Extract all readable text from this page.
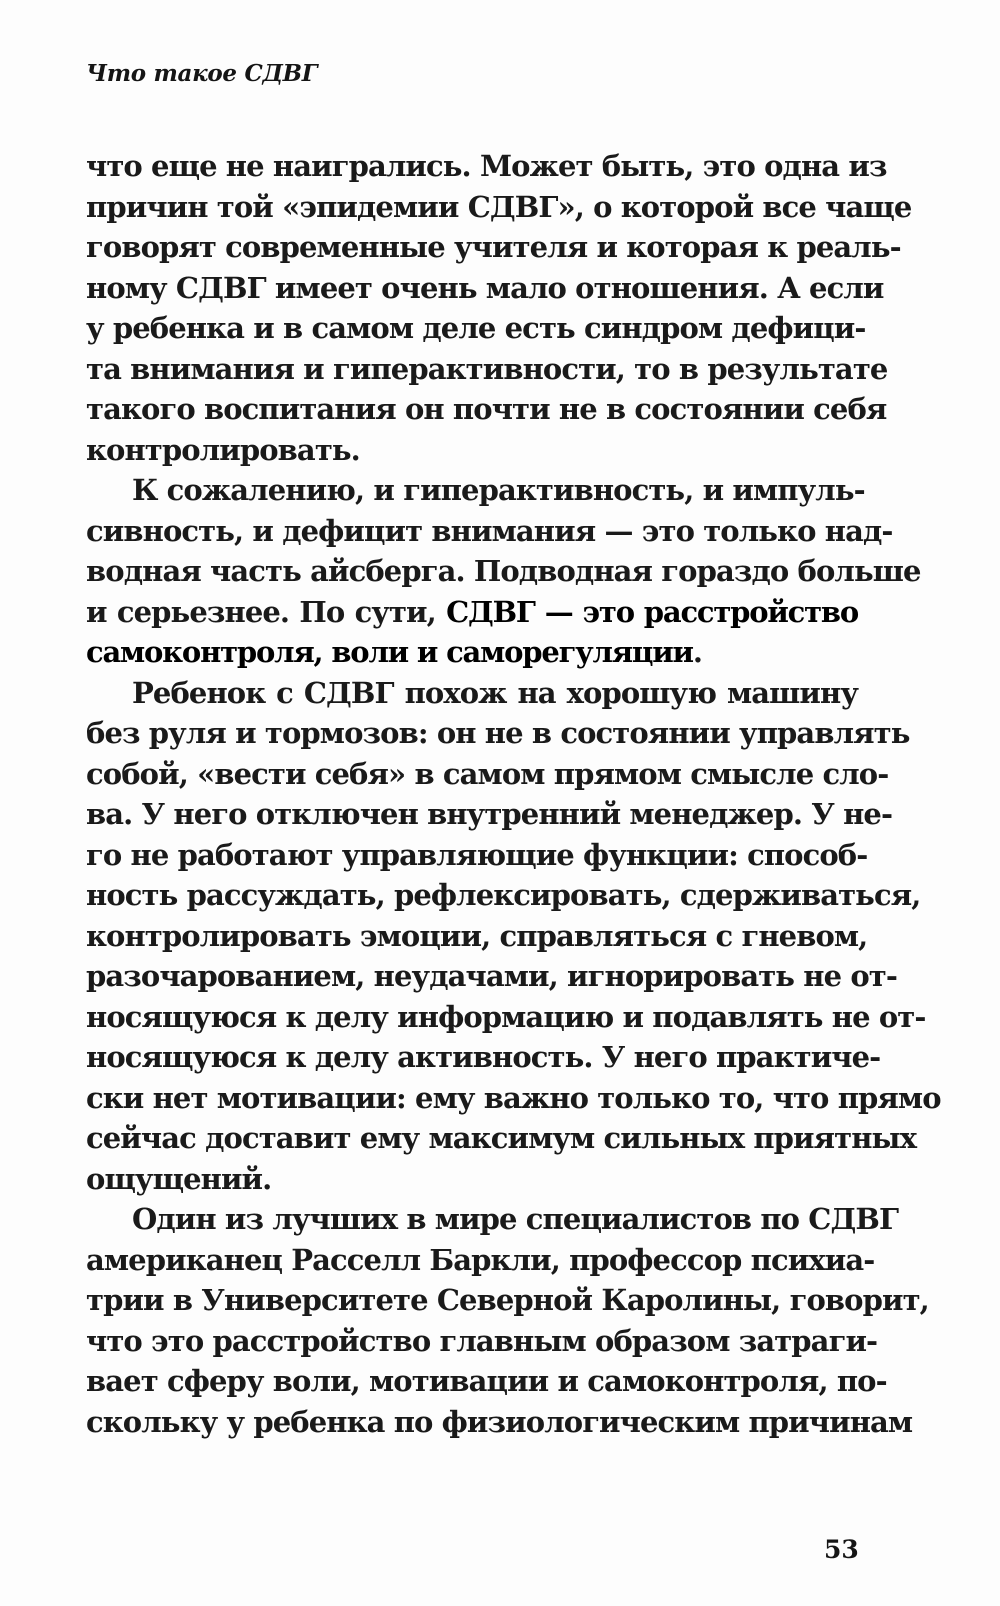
Что такое СДВГ

что еще не наигрались. Может быть, это одна из
причин той «эпидемии СДВГ», о которой все чаще
говорят современные учителя и которая к реаль-
ному СДВГ имеет очень мало отношения. А если
у ребенка и в самом деле есть синдром дефици-
та внимания и гиперактивности, то в результате
такого воспитания он почти не в состоянии себя
контролировать.

К сожалению, и гиперактивность, и импуль-
сивность, и дефицит внимания — это только над-
водная часть айсберга. Подводная гораздо больше
и серьезнее. По сути, СДВГ — это расстройство
самоконтроля, воли и саморегуляции.

Ребенок с СДВГ похож на хорошую машину
без руля и тормозов: он не в состоянии управлять
собой, «вести себя» в самом прямом смысле сло-
ва. У него отключен внутренний менеджер. У не-
го не работают управляющие функции: способ-
ность рассуждать, рефлексировать, сдерживаться,
контролировать эмоции, справляться с гневом,
разочарованием, неудачами, игнорировать не от-
носящуюся к делу информацию и подавлять не от-
носящуюся к делу активность. У него практиче-
ски нет мотивации: ему важно только то, что прямо
сейчас доставит ему максимум сильных приятных
ощущений.

Один из лучших в мире специалистов по СДВГ
американец Расселл Баркли, профессор психиа-
трии в Университете Северной Каролины, говорит,
что это расстройство главным образом затраги-
вает сферу воли, мотивации и самоконтроля, по-
скольку у ребенка по физиологическим причинам

53
